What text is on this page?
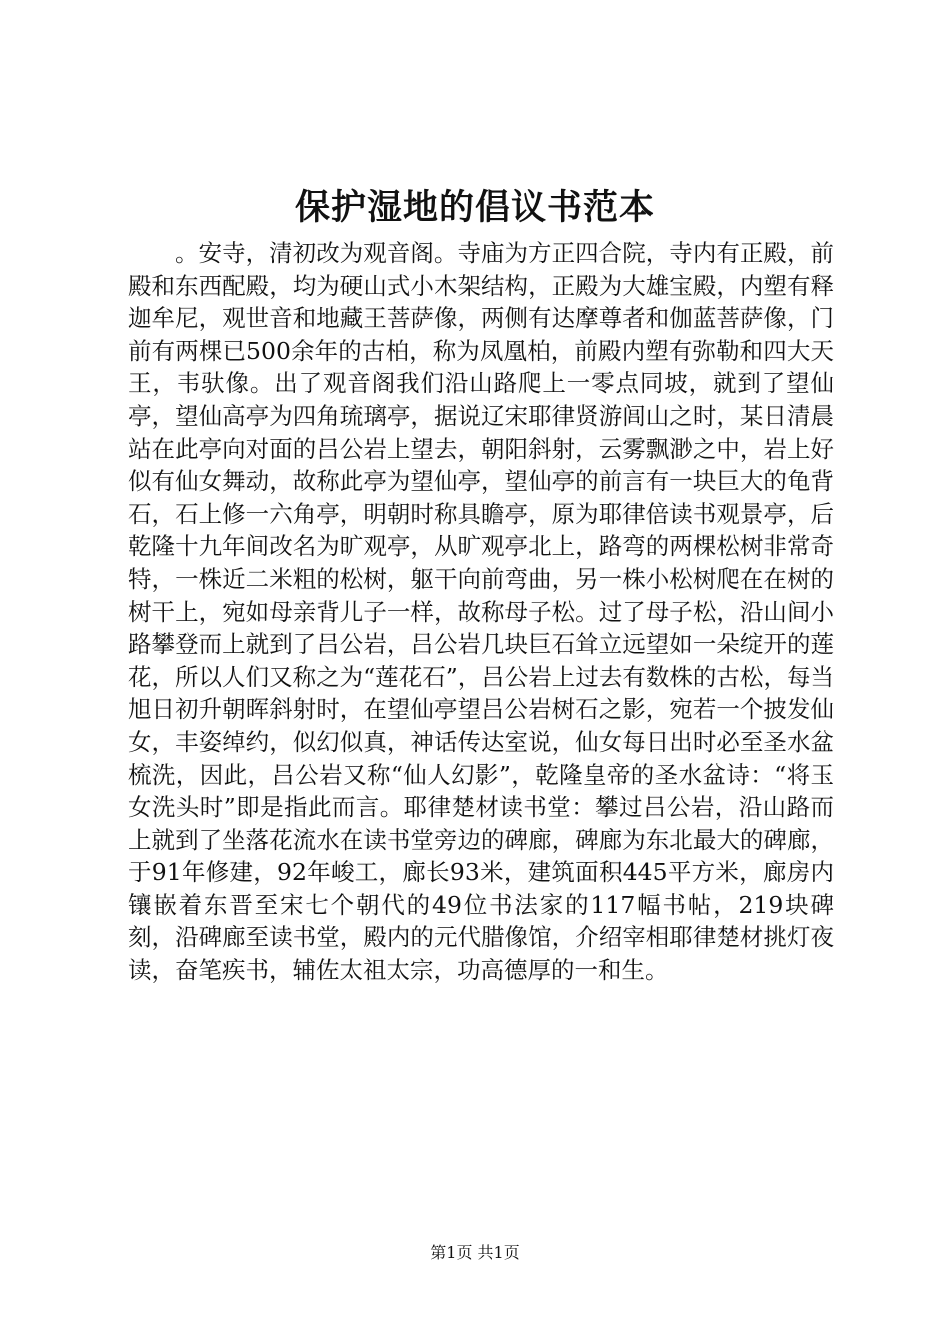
保护湿地的倡议书范本

。安寺，清初改为观音阁。寺庙为方正四合院，寺内有正殿，前殿和东西配殿，均为硬山式小木架结构，正殿为大雄宝殿，内塑有释迦牟尼，观世音和地藏王菩萨像，两侧有达摩尊者和伽蓝菩萨像，门前有两棵已500余年的古柏，称为凤凰柏，前殿内塑有弥勒和四大天王，韦驮像。出了观音阁我们沿山路爬上一零点同坡，就到了望仙亭，望仙高亭为四角琉璃亭，据说辽宋耶律贤游闾山之时，某日清晨站在此亭向对面的吕公岩上望去，朝阳斜射，云雾飘渺之中，岩上好似有仙女舞动，故称此亭为望仙亭，望仙亭的前言有一块巨大的龟背石，石上修一六角亭，明朝时称具瞻亭，原为耶律倍读书观景亭，后乾隆十九年间改名为旷观亭，从旷观亭北上，路弯的两棵松树非常奇特，一株近二米粗的松树，躯干向前弯曲，另一株小松树爬在在树的树干上，宛如母亲背儿子一样，故称母子松。过了母子松，沿山间小路攀登而上就到了吕公岩，吕公岩几块巨石耸立远望如一朵绽开的莲花，所以人们又称之为“莲花石”，吕公岩上过去有数株的古松，每当旭日初升朝晖斜射时，在望仙亭望吕公岩树石之影，宛若一个披发仙女，丰姿绰约，似幻似真，神话传达室说，仙女每日出时必至圣水盆梳洗，因此，吕公岩又称“仙人幻影”，乾隆皇帝的圣水盆诗：“将玉女洗头时”即是指此而言。耶律楚材读书堂：攀过吕公岩，沿山路而上就到了坐落花流水在读书堂旁边的碑廊，碑廊为东北最大的碑廊，于91年修建，92年峻工，廊长93米，建筑面积445平方米，廊房内镶嵌着东晋至宋七个朝代的49位书法家的117幅书帖，219块碑刻，沿碑廊至读书堂，殿内的元代腊像馆，介绍宰相耶律楚材挑灯夜读，奋笔疾书，辅佐太祖太宗，功高德厚的一和生。

第1页 共1页
